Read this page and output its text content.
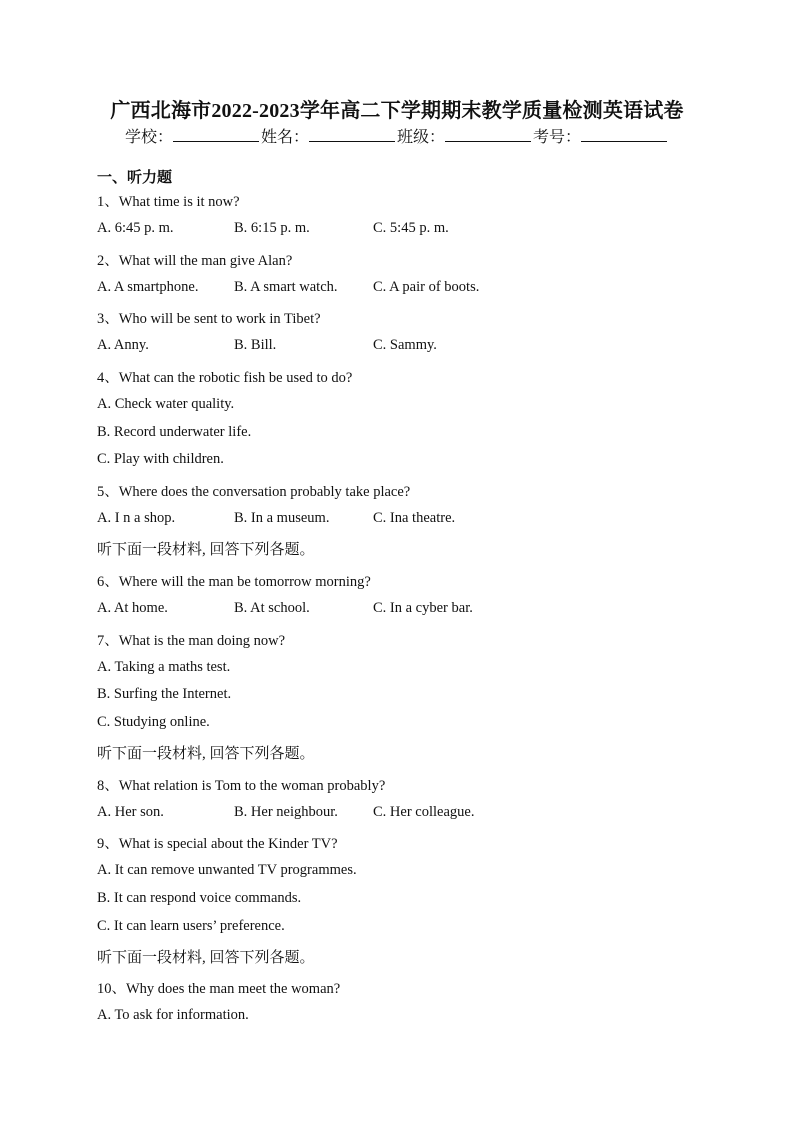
广西北海市2022-2023学年高二下学期期末教学质量检测英语试卷
学校：	姓名：	班级：	考号：
一、听力题
1、What time is it now?
A. 6:45 p. m.	B. 6:15 p. m.	C. 5:45 p. m.
2、What will the man give Alan?
A. A smartphone. B. A smart watch. C. A pair of boots.
3、Who will be sent to work in Tibet?
A. Anny.	B. Bill.	C. Sammy.
4、What can the robotic fish be used to do?
A. Check water quality.
B. Record underwater life.
C. Play with children.
5、Where does the conversation probably take place?
A. I n a shop.	B. In a museum.	C. Ina theatre.
听下面一段材料, 回答下列各题。
6、Where will the man be tomorrow morning?
A. At home.	B. At school.	C. In a cyber bar.
7、What is the man doing now?
A. Taking a maths test.
B. Surfing the Internet.
C. Studying online.
听下面一段材料, 回答下列各题。
8、What relation is Tom to the woman probably?
A. Her son.	B. Her neighbour. C. Her colleague.
9、What is special about the Kinder TV?
A. It can remove unwanted TV programmes.
B. It can respond voice commands.
C. It can learn users’ preference.
听下面一段材料, 回答下列各题。
10、Why does the man meet the woman?
A. To ask for information.
